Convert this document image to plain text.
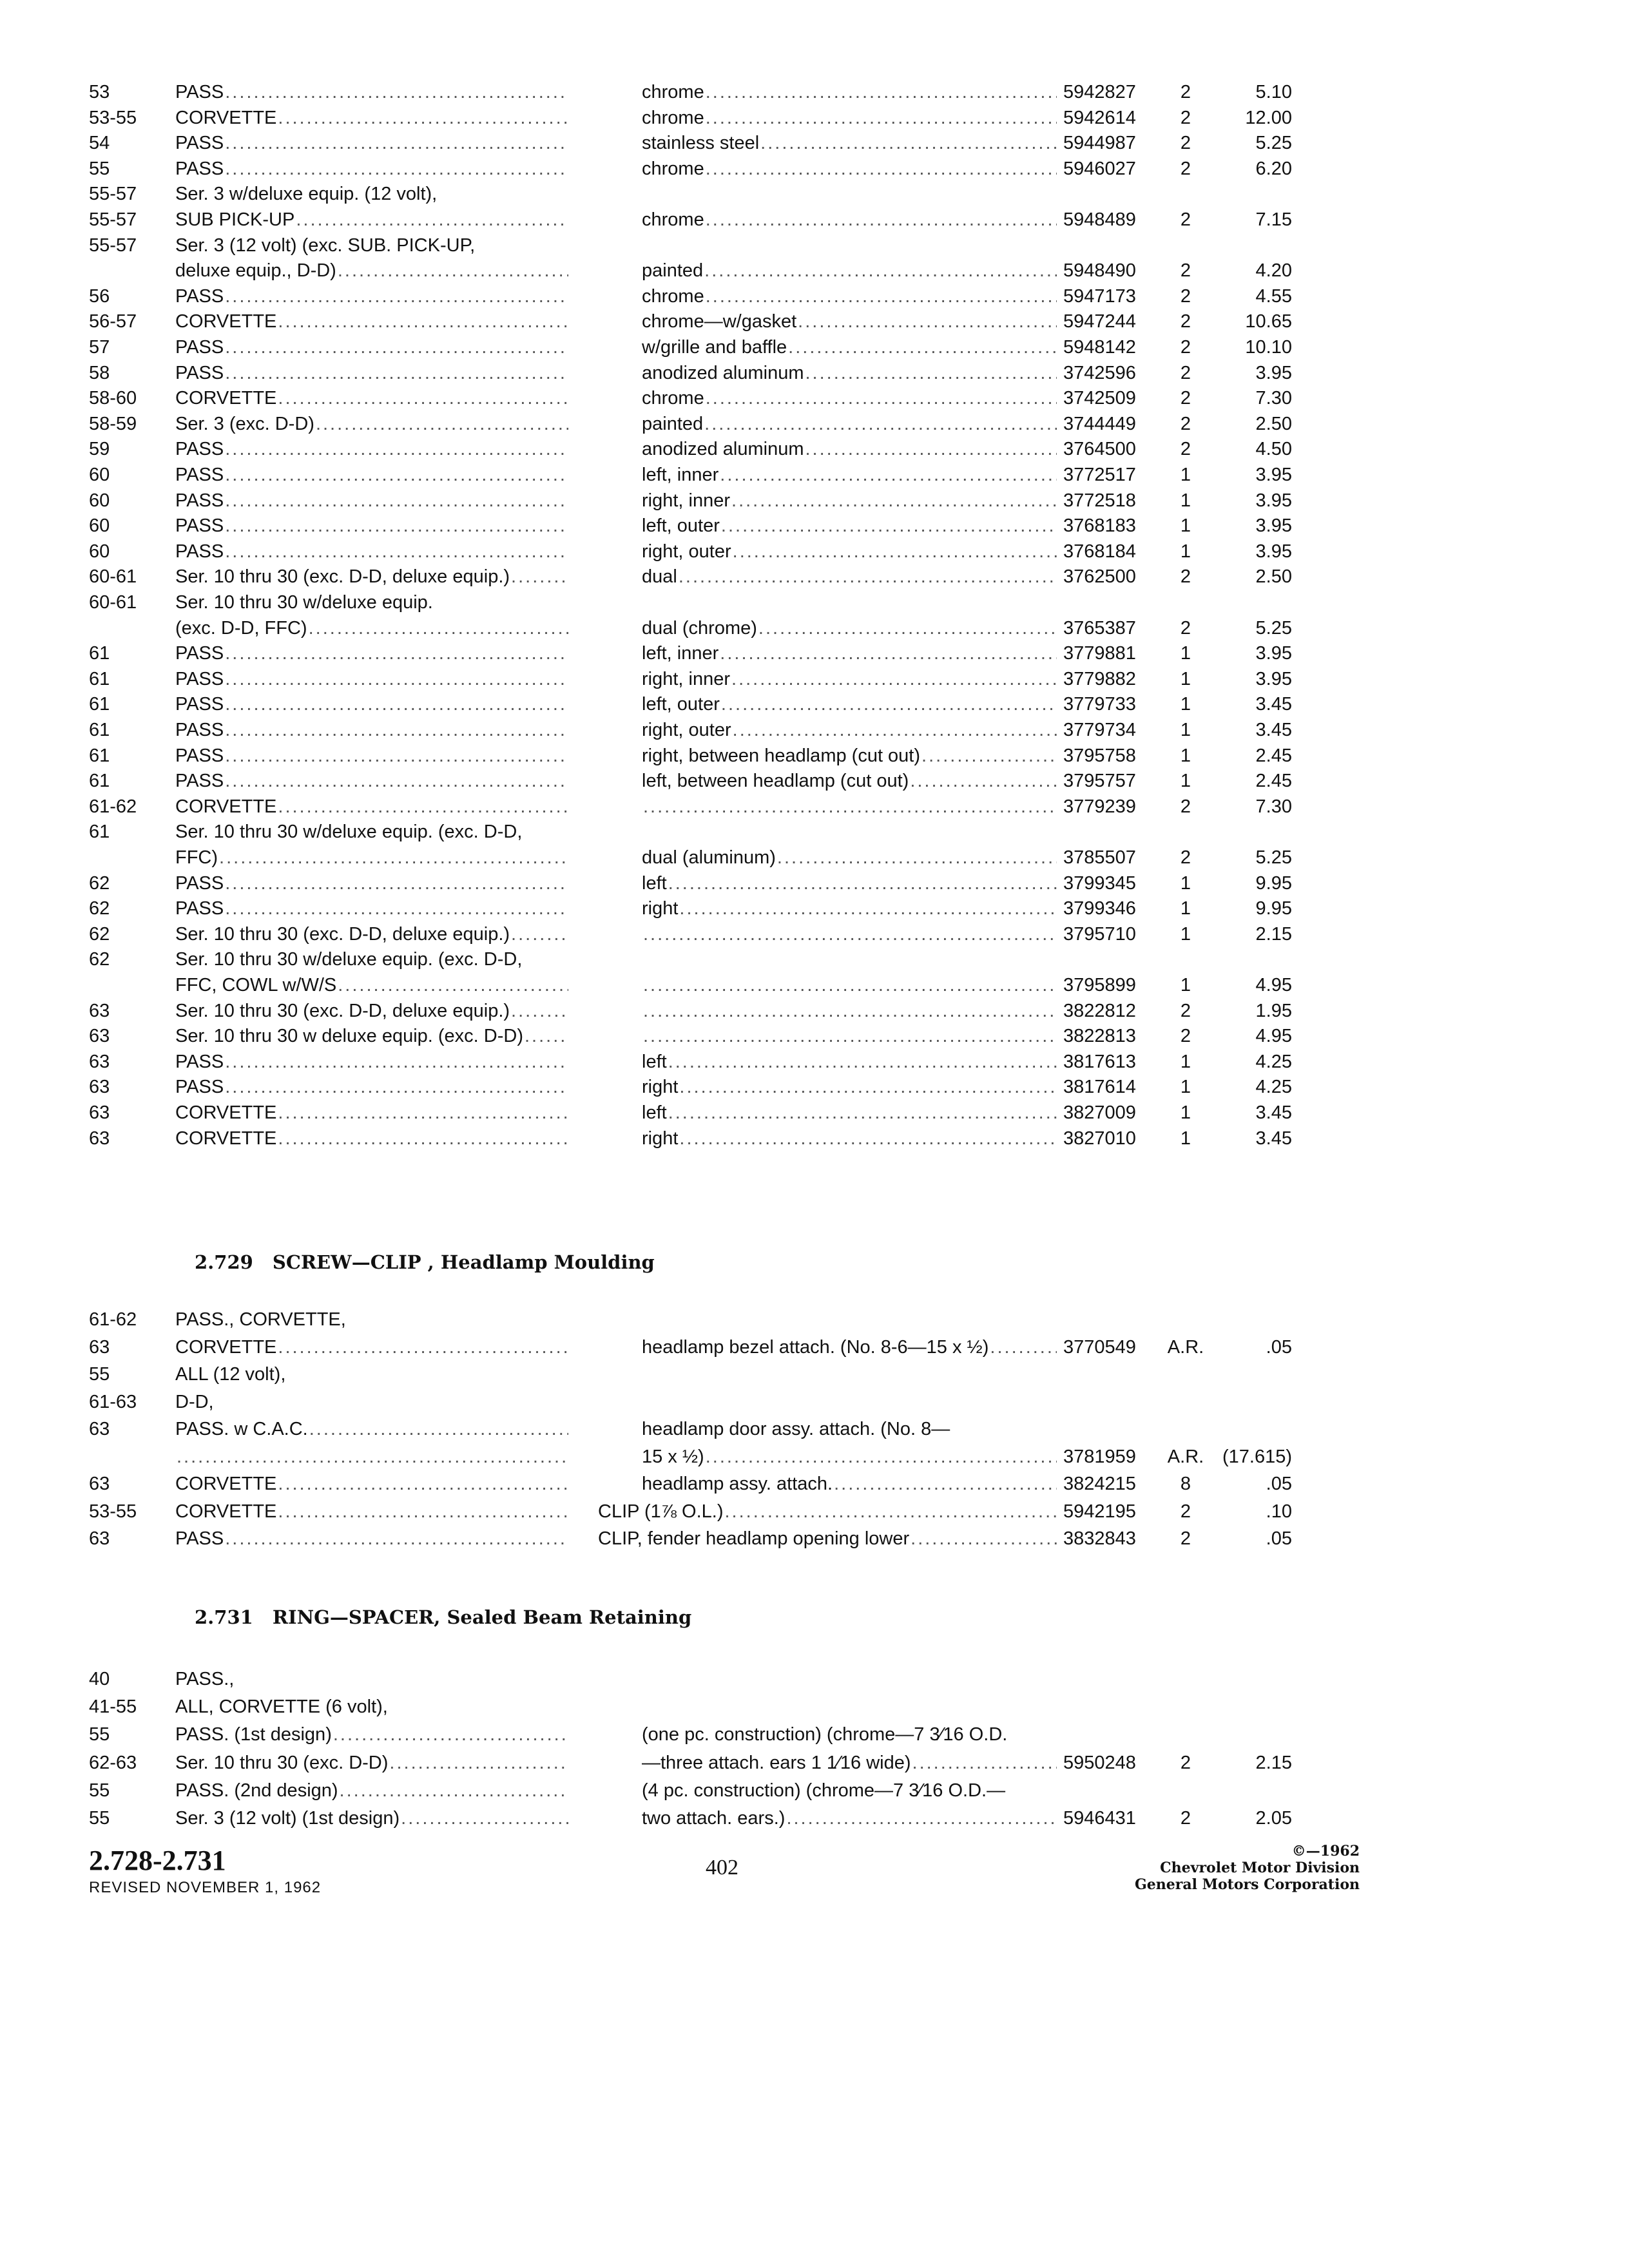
53	PASS .....	chrome .....	5942827	2	5.10
53-55	CORVETTE .....	chrome .....	5942614	2	12.00
54	PASS .....	stainless steel .....	5944987	2	5.25
55	PASS .....	chrome .....	5946027	2	6.20
55-57	Ser. 3 w/deluxe equip. (12 volt),
55-57	SUB PICK-UP .....	chrome .....	5948489	2	7.15
55-57	Ser. 3 (12 volt) (exc. SUB. PICK-UP,
deluxe equip., D-D) .....	painted .....	5948490	2	4.20
56	PASS .....	chrome .....	5947173	2	4.55
56-57	CORVETTE .....	chrome—w/gasket .....	5947244	2	10.65
57	PASS .....	w/grille and baffle .....	5948142	2	10.10
58	PASS .....	anodized aluminum .....	3742596	2	3.95
58-60	CORVETTE .....	chrome .....	3742509	2	7.30
58-59	Ser. 3 (exc. D-D) .....	painted .....	3744449	2	2.50
59	PASS .....	anodized aluminum .....	3764500	2	4.50
60	PASS .....	left, inner .....	3772517	1	3.95
60	PASS .....	right, inner .....	3772518	1	3.95
60	PASS .....	left, outer .....	3768183	1	3.95
60	PASS .....	right, outer .....	3768184	1	3.95
60-61	Ser. 10 thru 30 (exc. D-D, deluxe equip.) .....	dual .....	3762500	2	2.50
60-61	Ser. 10 thru 30 w/deluxe equip.
(exc. D-D, FFC) .....	dual (chrome) .....	3765387	2	5.25
61	PASS .....	left, inner .....	3779881	1	3.95
61	PASS .....	right, inner .....	3779882	1	3.95
61	PASS .....	left, outer .....	3779733	1	3.45
61	PASS .....	right, outer .....	3779734	1	3.45
61	PASS .....	right, between headlamp (cut out) .....	3795758	1	2.45
61	PASS .....	left, between headlamp (cut out) .....	3795757	1	2.45
61-62	CORVETTE ..... .....	3779239	2	7.30
61	Ser. 10 thru 30 w/deluxe equip. (exc. D-D,
FFC) .....	dual (aluminum) .....	3785507	2	5.25
62	PASS .....	left .....	3799345	1	9.95
62	PASS .....	right .....	3799346	1	9.95
62	Ser. 10 thru 30 (exc. D-D, deluxe equip.) ..... .....	3795710	1	2.15
62	Ser. 10 thru 30 w/deluxe equip. (exc. D-D,
FFC, COWL w/W/S ..... .....	3795899	1	4.95
63	Ser. 10 thru 30 (exc. D-D, deluxe equip.) ..... .....	3822812	2	1.95
63	Ser. 10 thru 30 w deluxe equip. (exc. D-D) ..... .....	3822813	2	4.95
63	PASS .....	left .....	3817613	1	4.25
63	PASS .....	right .....	3817614	1	4.25
63	CORVETTE .....	left .....	3827009	1	3.45
63	CORVETTE .....	right .....	3827010	1	3.45
2.729 SCREW—CLIP , Headlamp Moulding
61-62	PASS., CORVETTE,
63	CORVETTE .....	headlamp bezel attach. (No. 8-6—15 x ½) .....	3770549	A.R.	.05
55	ALL (12 volt),
61-63	D-D,
63	PASS. w C.A.C. .....	headlamp door assy. attach. (No. 8—
.....
15 x ½) .....	3781959	A.R. (17.615)
63	CORVETTE .....	headlamp assy. attach. .....	3824215	8	.05
53-55	CORVETTE .....	CLIP (1⅞ O.L.) .....	5942195	2	.10
63	PASS .....	CLIP, fender headlamp opening lower .....	3832843	2	.05
2.731 RING—SPACER, Sealed Beam Retaining
40	PASS.,
41-55	ALL, CORVETTE (6 volt),
55	PASS. (1st design) .....	(one pc. construction) (chrome—7 3⁄16 O.D.
62-63	Ser. 10 thru 30 (exc. D-D) .....	—three attach. ears 1 1⁄16 wide) .....	5950248	2	2.15
55	PASS. (2nd design) .....	(4 pc. construction) (chrome—7 3⁄16 O.D.—
55	Ser. 3 (12 volt) (1st design) .....	two attach. ears.) .....	5946431	2	2.05
2.728-2.731
REVISED NOVEMBER 1, 1962
402
©—1962
Chevrolet Motor Division
General Motors Corporation
